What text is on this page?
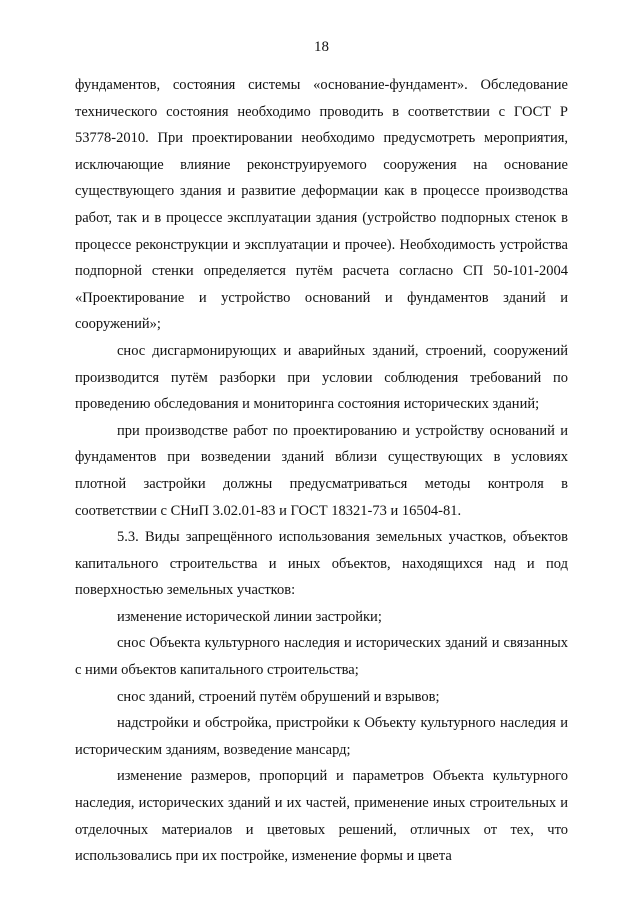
18

фундаментов, состояния системы «основание-фундамент». Обследование технического состояния необходимо проводить в соответствии с ГОСТ Р 53778-2010. При проектировании необходимо предусмотреть мероприятия, исключающие влияние реконструируемого сооружения на основание существующего здания и развитие деформации как в процессе производства работ, так и в процессе эксплуатации здания (устройство подпорных стенок в процессе реконструкции и эксплуатации и прочее). Необходимость устройства подпорной стенки определяется путём расчета согласно СП 50-101-2004 «Проектирование и устройство оснований и фундаментов зданий и сооружений»;

снос дисгармонирующих и аварийных зданий, строений, сооружений производится путём разборки при условии соблюдения требований по проведению обследования и мониторинга состояния исторических зданий;

при производстве работ по проектированию и устройству оснований и фундаментов при возведении зданий вблизи существующих в условиях плотной застройки должны предусматриваться методы контроля в соответствии с СНиП 3.02.01-83 и ГОСТ 18321-73 и 16504-81.

5.3. Виды запрещённого использования земельных участков, объектов капитального строительства и иных объектов, находящихся над и под поверхностью земельных участков:

изменение исторической линии застройки;

снос Объекта культурного наследия и исторических зданий и связанных с ними объектов капитального строительства;

снос зданий, строений путём обрушений и взрывов;

надстройки и обстройка, пристройки к Объекту культурного наследия и историческим зданиям, возведение мансард;

изменение размеров, пропорций и параметров Объекта культурного наследия, исторических зданий и их частей, применение иных строительных и отделочных материалов и цветовых решений, отличных от тех, что использовались при их постройке, изменение формы и цвета
